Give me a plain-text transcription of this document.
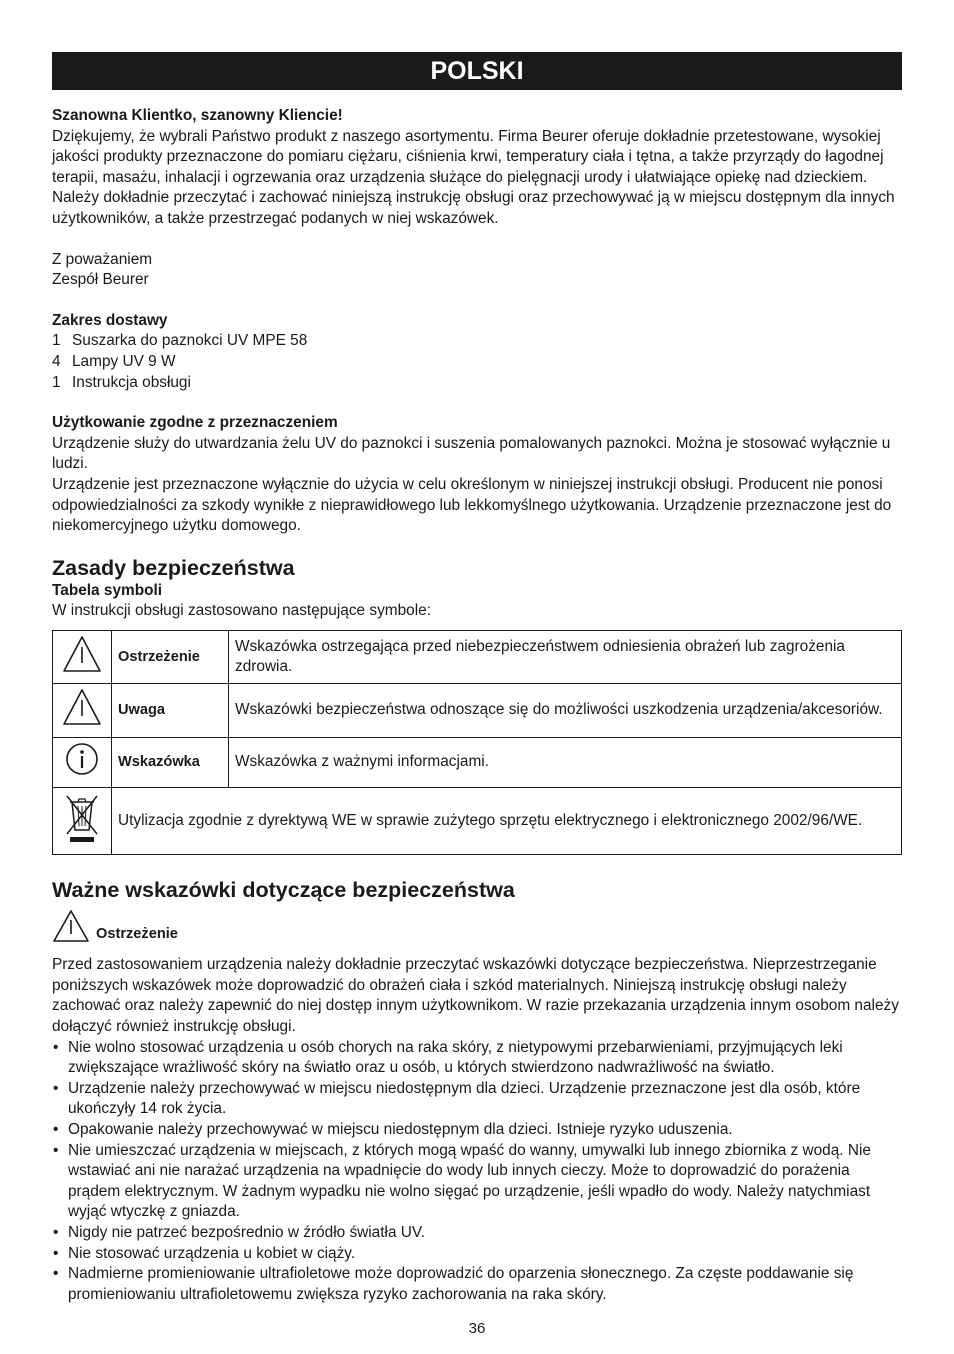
POLSKI

Szanowna Klientko, szanowny Kliencie!

Dziękujemy, że wybrali Państwo produkt z naszego asortymentu. Firma Beurer oferuje dokładnie przetestowane, wysokiej jakości produkty przeznaczone do pomiaru ciężaru, ciśnienia krwi, temperatury ciała i tętna, a także przyrządy do łagodnej terapii, masażu, inhalacji i ogrzewania oraz urządzenia służące do pielęgnacji urody i ułatwiające opiekę nad dzieckiem.

Należy dokładnie przeczytać i zachować niniejszą instrukcję obsługi oraz przechowywać ją w miejscu dostępnym dla innych użytkowników, a także przestrzegać podanych w niej wskazówek.

Z poważaniem

Zespół Beurer

Zakres dostawy

1 Suszarka do paznokci UV MPE 58
4 Lampy UV 9 W
1 Instrukcja obsługi

Użytkowanie zgodne z przeznaczeniem

Urządzenie służy do utwardzania żelu UV do paznokci i suszenia pomalowanych paznokci. Można je stosować wyłącznie u ludzi.

Urządzenie jest przeznaczone wyłącznie do użycia w celu określonym w niniejszej instrukcji obsługi. Producent nie ponosi odpowiedzialności za szkody wynikłe z nieprawidłowego lub lekkomyślnego użytkowania. Urządzenie przeznaczone jest do niekomercyjnego użytku domowego.

Zasady bezpieczeństwa

Tabela symboli

W instrukcji obsługi zastosowano następujące symbole:

	Ostrzeżenie	Wskazówka ostrzegająca przed niebezpieczeństwem odniesienia obrażeń lub zagrożenia zdrowia.
	Uwaga	Wskazówki bezpieczeństwa odnoszące się do możliwości uszkodzenia urządzenia/akcesoriów.
	Wskazówka	Wskazówka z ważnymi informacjami.
	Utylizacja zgodnie z dyrektywą WE w sprawie zużytego sprzętu elektrycznego i elektronicznego 2002/96/WE.	
Ważne wskazówki dotyczące bezpieczeństwa
Ostrzeżenie

Przed zastosowaniem urządzenia należy dokładnie przeczytać wskazówki dotyczące bezpieczeństwa. Nieprzestrzeganie poniższych wskazówek może doprowadzić do obrażeń ciała i szkód materialnych. Niniejszą instrukcję obsługi należy zachować oraz należy zapewnić do niej dostęp innym użytkownikom. W razie przekazania urządzenia innym osobom należy dołączyć również instrukcję obsługi.

• Nie wolno stosować urządzenia u osób chorych na raka skóry, z nietypowymi przebarwieniami, przyjmujących leki zwiększające wrażliwość skóry na światło oraz u osób, u których stwierdzono nadwrażliwość na światło.
• Urządzenie należy przechowywać w miejscu niedostępnym dla dzieci. Urządzenie przeznaczone jest dla osób, które ukończyły 14 rok życia.
• Opakowanie należy przechowywać w miejscu niedostępnym dla dzieci. Istnieje ryzyko uduszenia.
• Nie umieszczać urządzenia w miejscach, z których mogą wpaść do wanny, umywalki lub innego zbiornika z wodą. Nie wstawiać ani nie narażać urządzenia na wpadnięcie do wody lub innych cieczy. Może to doprowadzić do porażenia prądem elektrycznym. W żadnym wypadku nie wolno sięgać po urządzenie, jeśli wpadło do wody. Należy natychmiast wyjąć wtyczkę z gniazda.
• Nigdy nie patrzeć bezpośrednio w źródło światła UV.
• Nie stosować urządzenia u kobiet w ciąży.
• Nadmierne promieniowanie ultrafioletowe może doprowadzić do oparzenia słonecznego. Za częste poddawanie się promieniowaniu ultrafioletowemu zwiększa ryzyko zachorowania na raka skóry.
36
